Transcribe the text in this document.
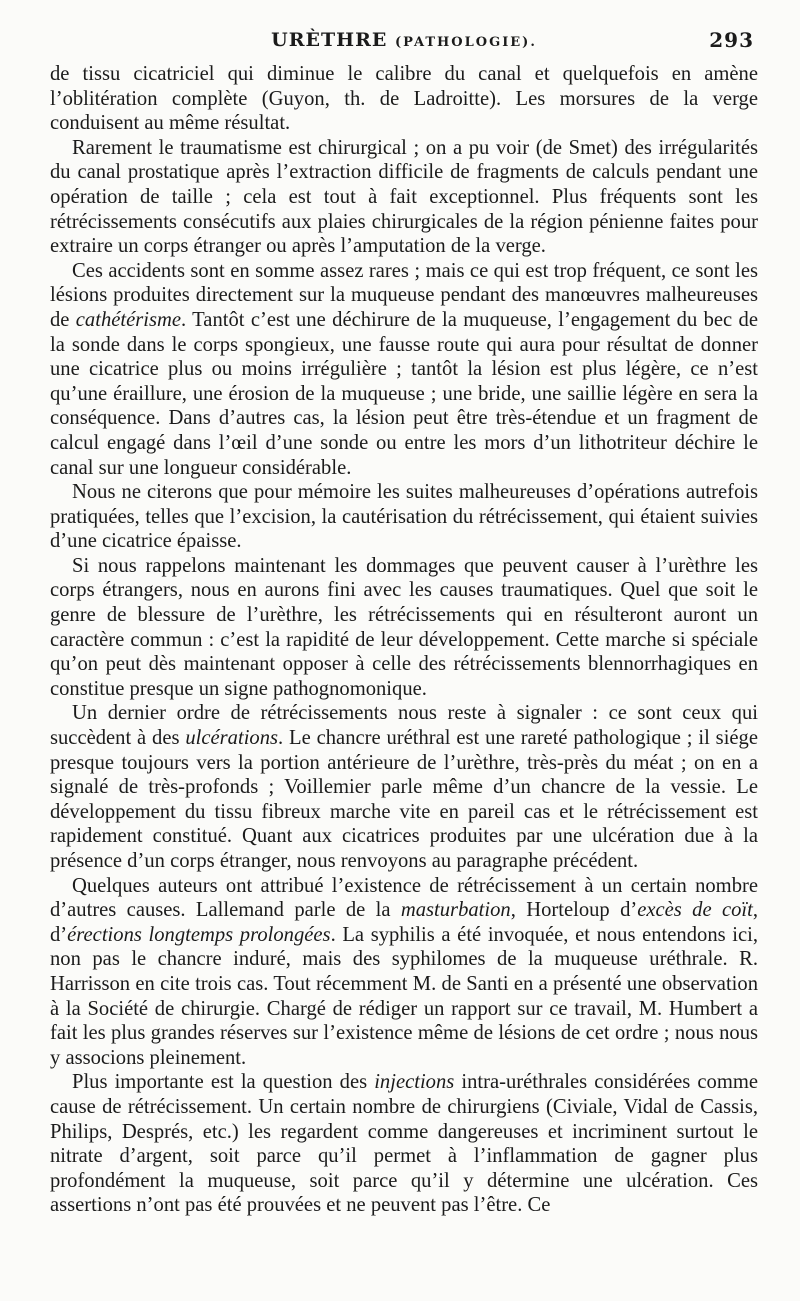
URÈTHRE (PATHOLOGIE).	293

de tissu cicatriciel qui diminue le calibre du canal et quelquefois en amène l’oblitération complète (Guyon, th. de Ladroitte). Les morsures de la verge conduisent au même résultat.

Rarement le traumatisme est chirurgical ; on a pu voir (de Smet) des irrégularités du canal prostatique après l’extraction difficile de fragments de calculs pendant une opération de taille ; cela est tout à fait exceptionnel. Plus fréquents sont les rétrécissements consécutifs aux plaies chirurgicales de la région pénienne faites pour extraire un corps étranger ou après l’amputation de la verge.

Ces accidents sont en somme assez rares ; mais ce qui est trop fréquent, ce sont les lésions produites directement sur la muqueuse pendant des manœuvres malheureuses de cathétérisme. Tantôt c’est une déchirure de la muqueuse, l’engagement du bec de la sonde dans le corps spongieux, une fausse route qui aura pour résultat de donner une cicatrice plus ou moins irrégulière ; tantôt la lésion est plus légère, ce n’est qu’une éraillure, une érosion de la muqueuse ; une bride, une saillie légère en sera la conséquence. Dans d’autres cas, la lésion peut être très-étendue et un fragment de calcul engagé dans l’œil d’une sonde ou entre les mors d’un lithotriteur déchire le canal sur une longueur considérable.

Nous ne citerons que pour mémoire les suites malheureuses d’opérations autrefois pratiquées, telles que l’excision, la cautérisation du rétrécissement, qui étaient suivies d’une cicatrice épaisse.

Si nous rappelons maintenant les dommages que peuvent causer à l’urèthre les corps étrangers, nous en aurons fini avec les causes traumatiques. Quel que soit le genre de blessure de l’urèthre, les rétrécissements qui en résulteront auront un caractère commun : c’est la rapidité de leur développement. Cette marche si spéciale qu’on peut dès maintenant opposer à celle des rétrécissements blennorrhagiques en constitue presque un signe pathognomonique.

Un dernier ordre de rétrécissements nous reste à signaler : ce sont ceux qui succèdent à des ulcérations. Le chancre uréthral est une rareté pathologique ; il siége presque toujours vers la portion antérieure de l’urèthre, très-près du méat ; on en a signalé de très-profonds ; Voillemier parle même d’un chancre de la vessie. Le développement du tissu fibreux marche vite en pareil cas et le rétrécissement est rapidement constitué. Quant aux cicatrices produites par une ulcération due à la présence d’un corps étranger, nous renvoyons au paragraphe précédent.

Quelques auteurs ont attribué l’existence de rétrécissement à un certain nombre d’autres causes. Lallemand parle de la masturbation, Horteloup d’excès de coït, d’érections longtemps prolongées. La syphilis a été invoquée, et nous entendons ici, non pas le chancre induré, mais des syphilomes de la muqueuse uréthrale. R. Harrisson en cite trois cas. Tout récemment M. de Santi en a présenté une observation à la Société de chirurgie. Chargé de rédiger un rapport sur ce travail, M. Humbert a fait les plus grandes réserves sur l’existence même de lésions de cet ordre ; nous nous y associons pleinement.

Plus importante est la question des injections intra-uréthrales considérées comme cause de rétrécissement. Un certain nombre de chirurgiens (Civiale, Vidal de Cassis, Philips, Després, etc.) les regardent comme dangereuses et incriminent surtout le nitrate d’argent, soit parce qu’il permet à l’inflammation de gagner plus profondément la muqueuse, soit parce qu’il y détermine une ulcération. Ces assertions n’ont pas été prouvées et ne peuvent pas l’être. Ce
